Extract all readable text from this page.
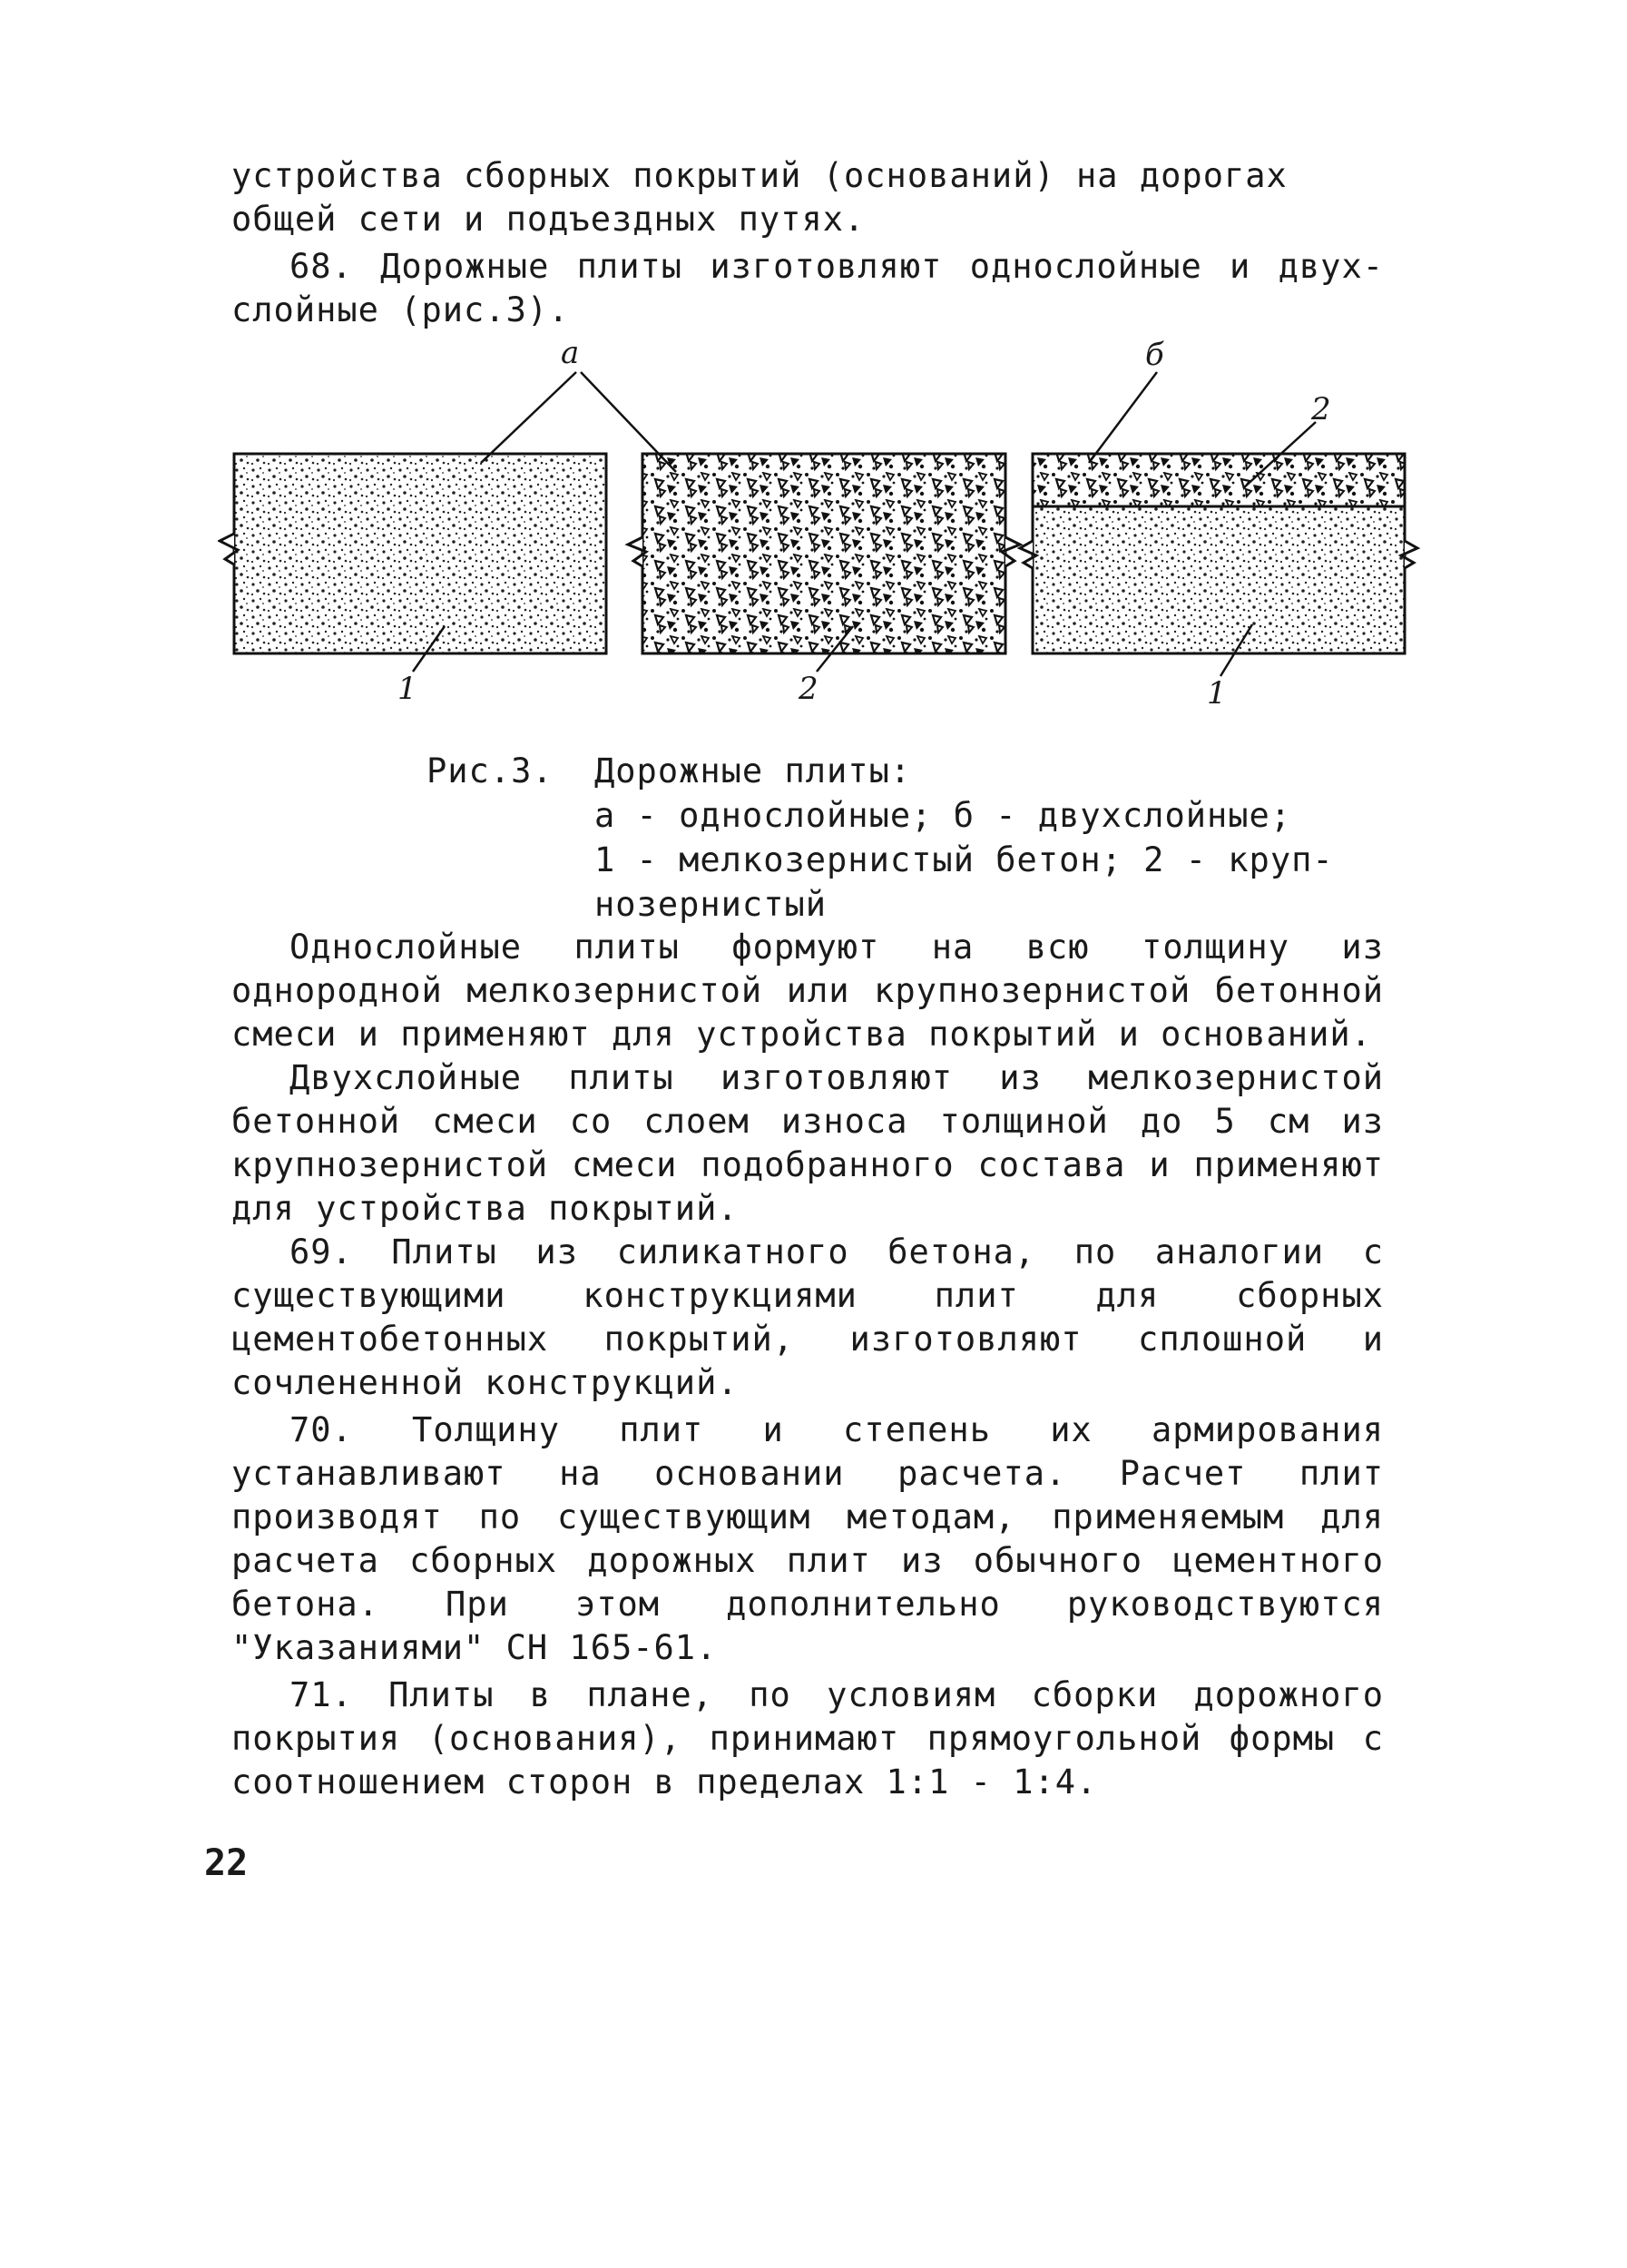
устройства сборных покрытий (оснований) на дорогах

общей сети и подъездных путях.

68. Дорожные плиты изготовляют однослойные и двух-слойные (рис.3).

а	б
2
1	2	1
Рис.3.	Дорожные плиты:
а - однослойные; б - двухслойные;
1 - мелкозернистый бетон; 2 - круп-
нозернистый

Однослойные плиты формуют на всю толщину из однородной мелкозернистой или крупнозернистой бетонной смеси и применяют для устройства покрытий и оснований.

Двухслойные плиты изготовляют из мелкозернистой бетонной смеси со слоем износа толщиной до 5 см из крупнозернистой смеси подобранного состава и применяют для устройства покрытий.

69. Плиты из силикатного бетона, по аналогии с существующими конструкциями плит для сборных цементобетонных покрытий, изготовляют сплошной и сочлененной конструкций.

70. Толщину плит и степень их армирования устанавливают на основании расчета. Расчет плит производят по существующим методам, применяемым для расчета сборных дорожных плит из обычного цементного бетона. При этом дополнительно руководствуются "Указаниями" СН 165-61.

71. Плиты в плане, по условиям сборки дорожного покрытия (основания), принимают прямоугольной формы с соотношением сторон в пределах 1:1 - 1:4.

22
